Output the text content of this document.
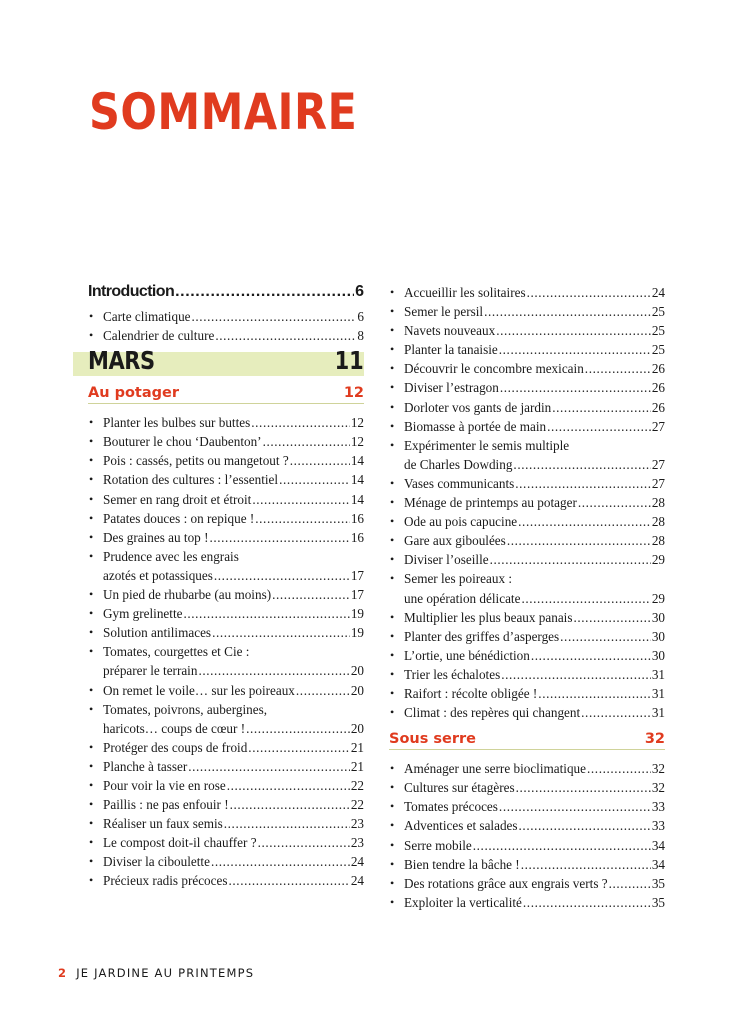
SOMMAIRE
Introduction .....	6
• Carte climatique .....	6
• Calendrier de culture .....	8
MARS	11
Au potager	12
• Planter les bulbes sur buttes .....	12
• Bouturer le chou ‘Daubenton’ .....	12
• Pois : cassés, petits ou mangetout ? .....	14
• Rotation des cultures : l’essentiel .....	14
• Semer en rang droit et étroit .....	14
• Patates douces : on repique ! .....	16
• Des graines au top ! .....	16
• Prudence avec les engrais
azotés et potassiques .....	17
• Un pied de rhubarbe (au moins) .....	17
• Gym grelinette .....	19
• Solution antilimaces .....	19
• Tomates, courgettes et Cie :
préparer le terrain .....	20
• On remet le voile… sur les poireaux .....	20
• Tomates, poivrons, aubergines,
haricots… coups de cœur ! .....	20
• Protéger des coups de froid .....	21
• Planche à tasser .....	21
• Pour voir la vie en rose .....	22
• Paillis : ne pas enfouir ! .....	22
• Réaliser un faux semis .....	23
• Le compost doit-il chauffer ? .....	23
• Diviser la ciboulette .....	24
• Précieux radis précoces .....	24
• Accueillir les solitaires .....	24
• Semer le persil .....	25
• Navets nouveaux .....	25
• Planter la tanaisie .....	25
• Découvrir le concombre mexicain .....	26
• Diviser l’estragon .....	26
• Dorloter vos gants de jardin .....	26
• Biomasse à portée de main .....	27
• Expérimenter le semis multiple
de Charles Dowding .....	27
• Vases communicants .....	27
• Ménage de printemps au potager .....	28
• Ode au pois capucine .....	28
• Gare aux giboulées .....	28
• Diviser l’oseille .....	29
• Semer les poireaux :
une opération délicate .....	29
• Multiplier les plus beaux panais .....	30
• Planter des griffes d’asperges .....	30
• L’ortie, une bénédiction .....	30
• Trier les échalotes .....	31
• Raifort : récolte obligée ! .....	31
• Climat : des repères qui changent .....	31
Sous serre	32
• Aménager une serre bioclimatique .....	32
• Cultures sur étagères .....	32
• Tomates précoces .....	33
• Adventices et salades .....	33
• Serre mobile .....	34
• Bien tendre la bâche ! .....	34
• Des rotations grâce aux engrais verts ? .....	35
• Exploiter la verticalité .....	35
2 JE JARDINE AU PRINTEMPS
